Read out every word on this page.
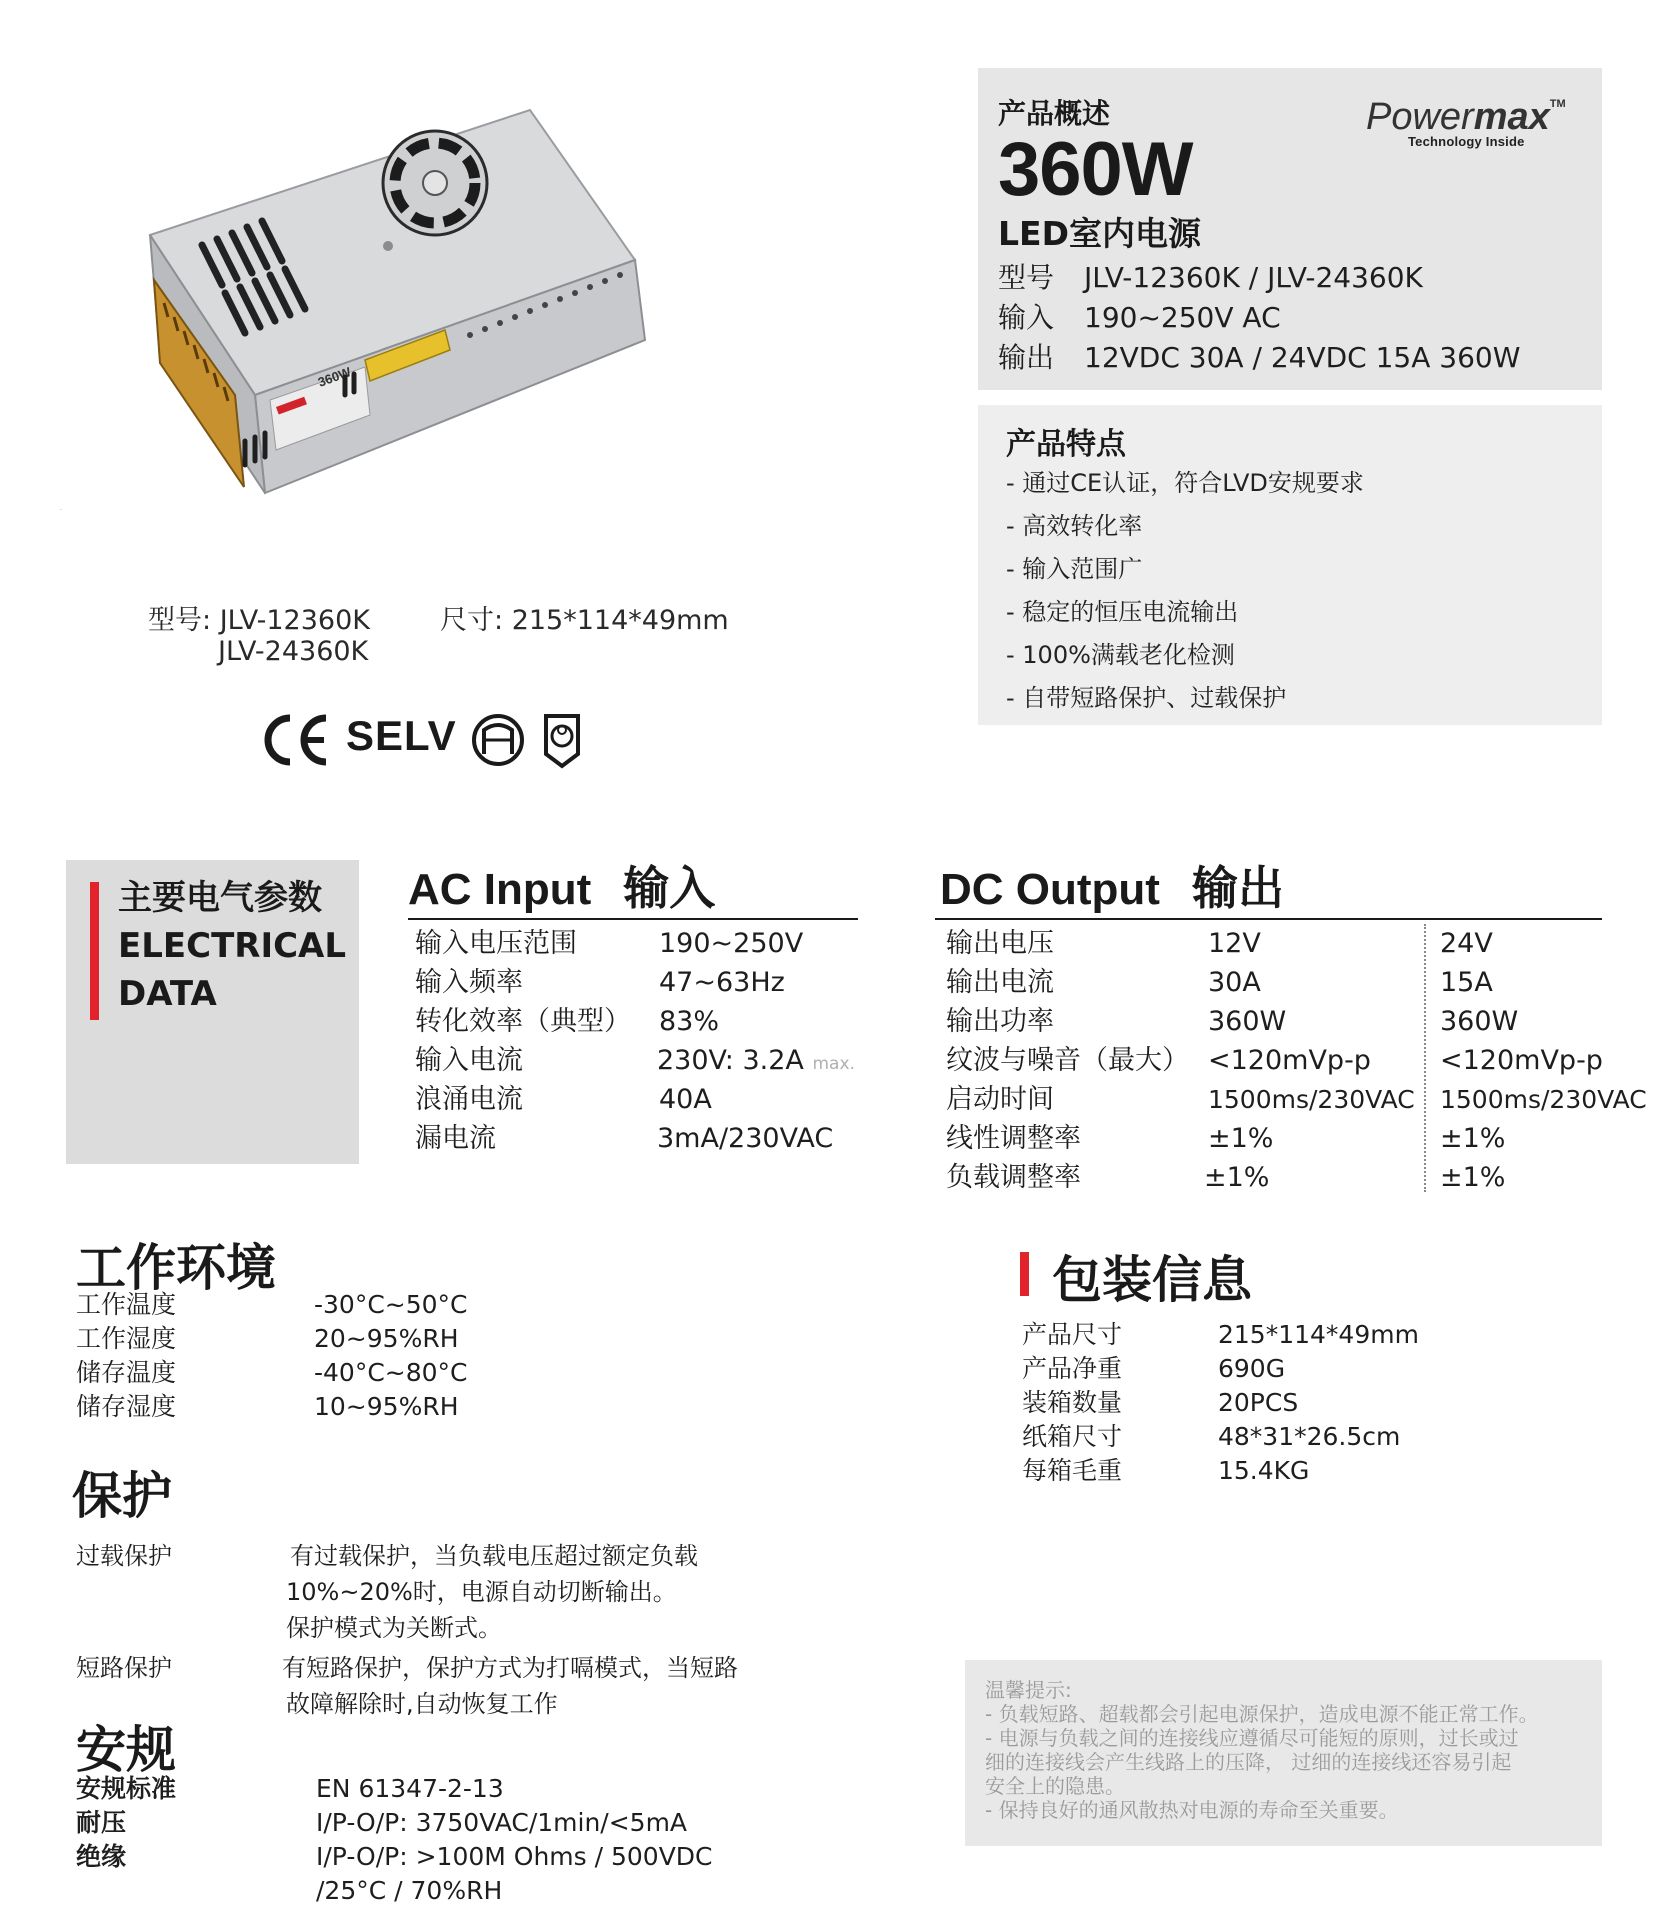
360W
型号: JLV-12360K
JLV-24360K
尺寸: 215*114*49mm
CE
SELV
产品概述
360W
LED室内电源
型号 JLV-12360K / JLV-24360K
输入 190~250V AC
输出 12VDC 30A / 24VDC 15A 360W
Powermax™
Technology Inside
产品特点
- 通过CE认证，符合LVD安规要求
- 高效转化率
- 输入范围广
- 稳定的恒压电流输出
- 100%满载老化检测
- 自带短路保护、过载保护
主要电气参数
ELECTRICAL
DATA
AC Input 输入
输入电压范围	190~250V
输入频率	47~63Hz
转化效率（典型） 83%
输入电流	230V: 3.2A max.
浪涌电流	40A
漏电流	3mA/230VAC
DC Output 输出
输出电压	12V	24V
输出电流	30A	15A
输出功率	360W	360W
纹波与噪音（最大） <120mVp-p	<120mVp-p
启动时间	1500ms/230VAC 1500ms/230VAC
线性调整率	±1%	±1%
负载调整率	±1%	±1%
工作环境
工作温度	-30°C~50°C
工作湿度	20~95%RH
储存温度	-40°C~80°C
储存湿度	10~95%RH
保护
过载保护	有过载保护，当负载电压超过额定负载
10%~20%时，电源自动切断输出。
保护模式为关断式。
短路保护	有短路保护，保护方式为打嗝模式，当短路
故障解除时,自动恢复工作
安规
安规标准	EN 61347-2-13
耐压	I/P-O/P: 3750VAC/1min/<5mA
绝缘	I/P-O/P: >100M Ohms / 500VDC
/25°C / 70%RH
包装信息
产品尺寸	215*114*49mm
产品净重	690G
装箱数量	20PCS
纸箱尺寸	48*31*26.5cm
每箱毛重	15.4KG
温馨提示:
- 负载短路、超载都会引起电源保护，造成电源不能正常工作。
- 电源与负载之间的连接线应遵循尽可能短的原则，过长或过
细的连接线会产生线路上的压降， 过细的连接线还容易引起
安全上的隐患。
- 保持良好的通风散热对电源的寿命至关重要。
